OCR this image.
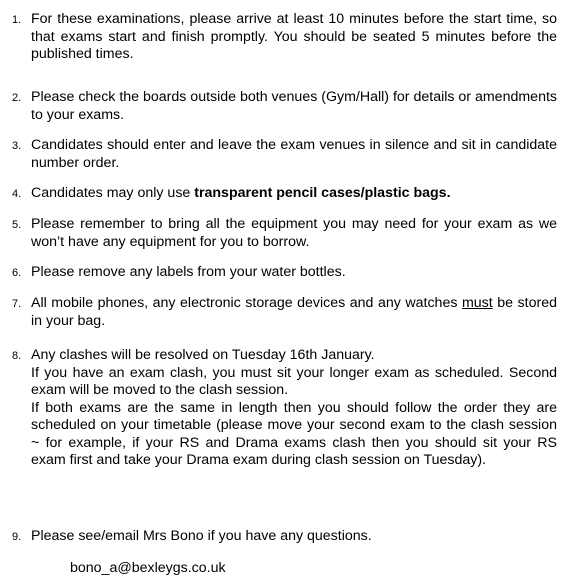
1. For these examinations, please arrive at least 10 minutes before the start time, so that exams start and finish promptly. You should be seated 5 minutes before the published times.
2. Please check the boards outside both venues (Gym/Hall) for details or amendments to your exams.
3. Candidates should enter and leave the exam venues in silence and sit in candidate number order.
4. Candidates may only use transparent pencil cases/plastic bags.
5. Please remember to bring all the equipment you may need for your exam as we won’t have any equipment for you to borrow.
6. Please remove any labels from your water bottles.
7. All mobile phones, any electronic storage devices and any watches must be stored in your bag.
8. Any clashes will be resolved on Tuesday 16th January.
If you have an exam clash, you must sit your longer exam as scheduled. Second exam will be moved to the clash session.
If both exams are the same in length then you should follow the order they are scheduled on your timetable (please move your second exam to the clash session ~ for example, if your RS and Drama exams clash then you should sit your RS exam first and take your Drama exam during clash session on Tuesday).
9. Please see/email Mrs Bono if you have any questions.
bono_a@bexleygs.co.uk
